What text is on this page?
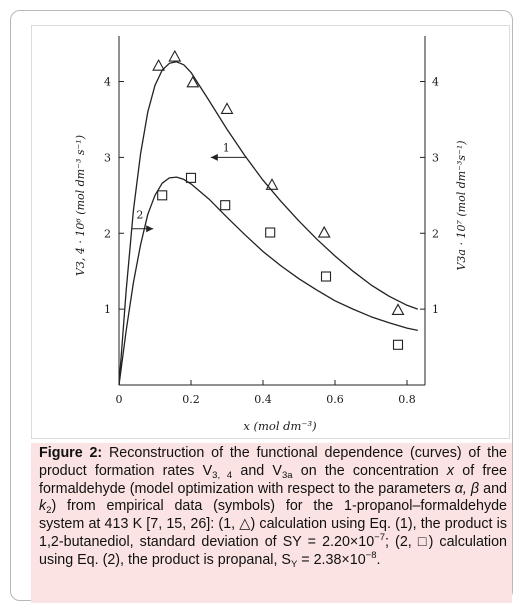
0	0.2	0.4	0.6	0.8
1
2
3
4
1
2
3
4
x (mol dm⁻³)
V3, 4 · 10⁶ (mol dm⁻³ s⁻¹)	V3a · 10⁷ (mol dm⁻³s⁻¹)
1
2
Figure 2: Reconstruction of the functional dependence (curves) of the product formation rates $V_{3, 4}$ and $V_{3a}$ on the concentration x of free formaldehyde (model optimization with respect to the parameters α, β and $k_2$) from empirical data (symbols) for the 1-propanol–formaldehyde system at 413 K [7, 15, 26]: (1, △) calculation using Eq. (1), the product is 1,2-butanediol, standard deviation of SY = $2.20\times 10^{-7}$; (2, □) calculation using Eq. (2), the product is propanal, $S_Y = 2.38\times 10^{-8}$.
